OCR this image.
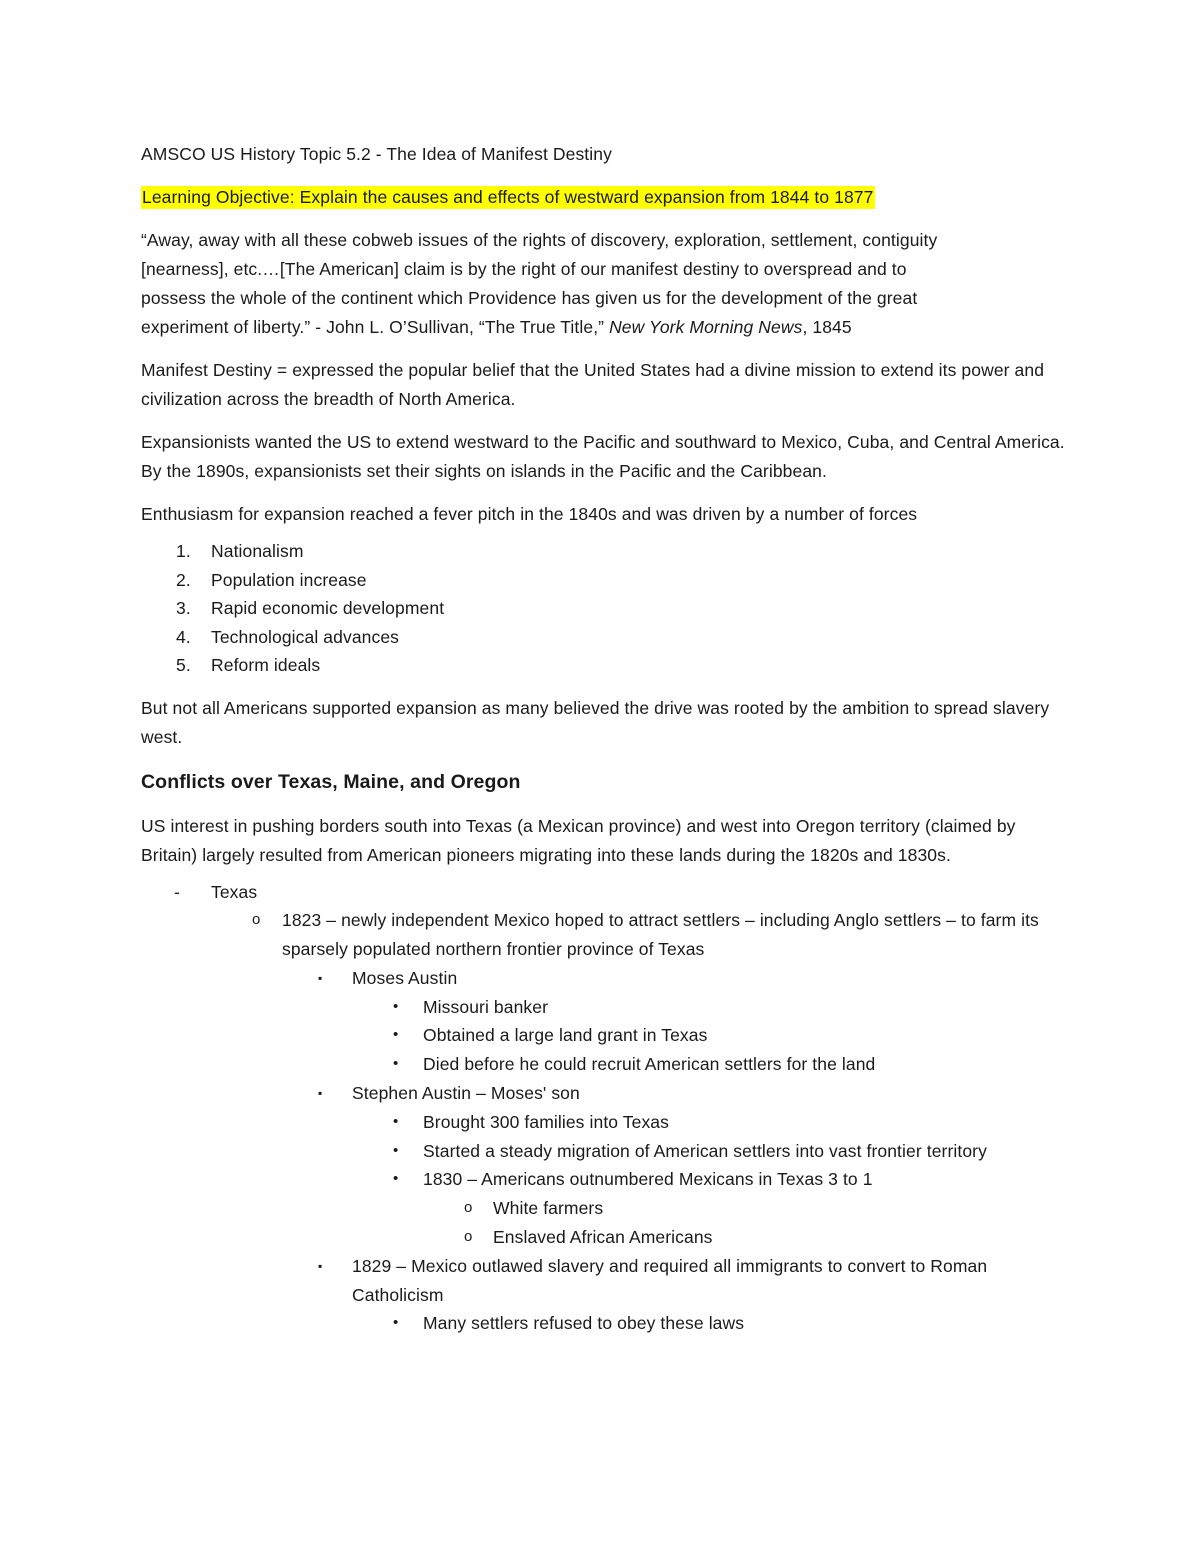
AMSCO US History Topic 5.2 - The Idea of Manifest Destiny

Learning Objective: Explain the causes and effects of westward expansion from 1844 to 1877

“Away, away with all these cobweb issues of the rights of discovery, exploration, settlement, contiguity

[nearness], etc.…[The American] claim is by the right of our manifest destiny to overspread and to

possess the whole of the continent which Providence has given us for the development of the great

experiment of liberty.” - John L. O’Sullivan, “The True Title,” New York Morning News, 1845

Manifest Destiny = expressed the popular belief that the United States had a divine mission to extend its power and civilization across the breadth of North America.

Expansionists wanted the US to extend westward to the Pacific and southward to Mexico, Cuba, and Central America. By the 1890s, expansionists set their sights on islands in the Pacific and the Caribbean.

Enthusiasm for expansion reached a fever pitch in the 1840s and was driven by a number of forces

1. Nationalism
2. Population increase
3. Rapid economic development
4. Technological advances
5. Reform ideals

But not all Americans supported expansion as many believed the drive was rooted by the ambition to spread slavery west.

Conflicts over Texas, Maine, and Oregon

US interest in pushing borders south into Texas (a Mexican province) and west into Oregon territory (claimed by Britain) largely resulted from American pioneers migrating into these lands during the 1820s and 1830s.

- Texas
o 1823 – newly independent Mexico hoped to attract settlers – including Anglo settlers – to farm its sparsely populated northern frontier province of Texas
▪ Moses Austin
• Missouri banker
• Obtained a large land grant in Texas
• Died before he could recruit American settlers for the land
▪ Stephen Austin – Moses' son
• Brought 300 families into Texas
• Started a steady migration of American settlers into vast frontier territory
• 1830 – Americans outnumbered Mexicans in Texas 3 to 1
o White farmers
o Enslaved African Americans
▪ 1829 – Mexico outlawed slavery and required all immigrants to convert to Roman Catholicism
• Many settlers refused to obey these laws
